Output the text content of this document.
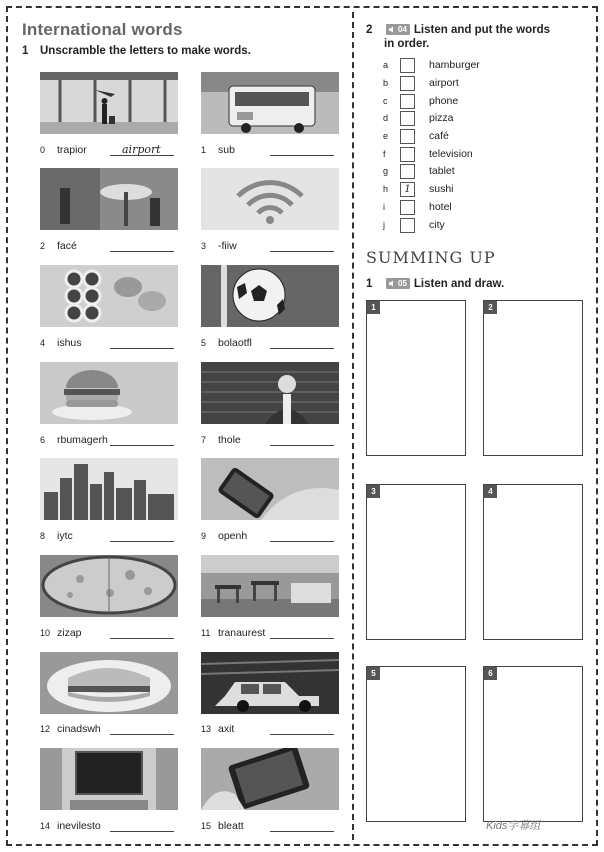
International words
1 Unscramble the letters to make words.
0 trapior	airport	1 sub
2 facé	3 -fiiw
4 ishus	5 bolaotfl
6 rbumagerh	7 thole
8 iytc	9 openh
10 zizap	11 tranaurest
12 cinadswh	13 axit
14 inevilesto	15 bleatt
2	04 Listen and put the words
in order.
a	hamburger
b	airport
c	phone
d	pizza
e	café
f	television
g	tablet
h	1	sushi
i	hotel
j	city
SUMMING UP
1	05 Listen and draw.
1	2
3	4
5	6
Kids字幕组
